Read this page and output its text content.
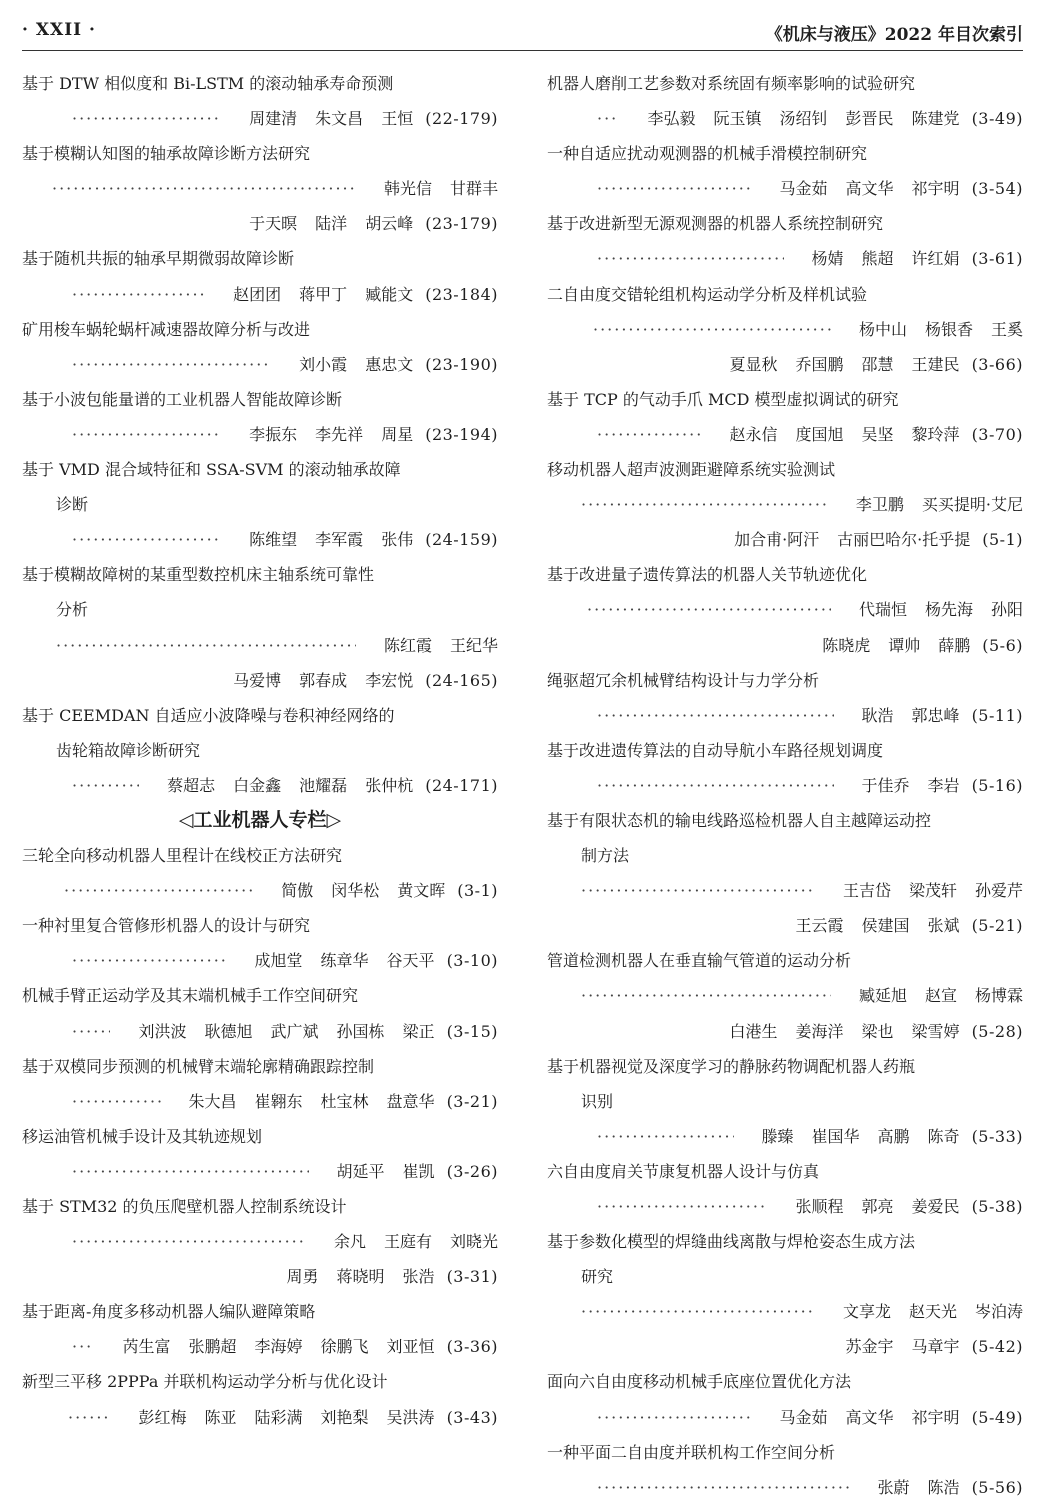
· XXII ·	《机床与液压》2022 年目次索引
基于 DTW 相似度和 Bi-LSTM 的滚动轴承寿命预测
·····
周建清 朱文昌 王恒 (22-179)
基于模糊认知图的轴承故障诊断方法研究
·····
韩光信 甘群丰
于天暝 陆洋 胡云峰 (23-179)
基于随机共振的轴承早期微弱故障诊断
·····
赵团团 蒋甲丁 臧能文 (23-184)
矿用梭车蜗轮蜗杆减速器故障分析与改进
·····
刘小霞 惠忠文 (23-190)
基于小波包能量谱的工业机器人智能故障诊断
·····
李振东 李先祥 周星 (23-194)
基于 VMD 混合域特征和 SSA-SVM 的滚动轴承故障
诊断
·····
陈维望 李军霞 张伟 (24-159)
基于模糊故障树的某重型数控机床主轴系统可靠性
分析
·····
陈红霞 王纪华
马爱博 郭春成 李宏悦 (24-165)
基于 CEEMDAN 自适应小波降噪与卷积神经网络的
齿轮箱故障诊断研究
·····
蔡超志 白金鑫 池耀磊 张仲杭 (24-171)
◁工业机器人专栏▷
三轮全向移动机器人里程计在线校正方法研究
·····
简傲 闵华松 黄文晖 (3-1)
一种衬里复合管修形机器人的设计与研究
·····
成旭堂 练章华 谷天平 (3-10)
机械手臂正运动学及其末端机械手工作空间研究
·····
刘洪波 耿德旭 武广斌 孙国栋 梁正 (3-15)
基于双模同步预测的机械臂末端轮廓精确跟踪控制
·····
朱大昌 崔翱东 杜宝林 盘意华 (3-21)
移运油管机械手设计及其轨迹规划
·····
胡延平 崔凯 (3-26)
基于 STM32 的负压爬壁机器人控制系统设计
·····
余凡 王庭有 刘晓光
周勇 蒋晓明 张浩 (3-31)
基于距离-角度多移动机器人编队避障策略
·····
芮生富 张鹏超 李海婷 徐鹏飞 刘亚恒 (3-36)
新型三平移 2PPPa 并联机构运动学分析与优化设计
·····
彭红梅 陈亚 陆彩满 刘艳梨 吴洪涛 (3-43)
机器人磨削工艺参数对系统固有频率影响的试验研究
·····
李弘毅 阮玉镇 汤绍钊 彭晋民 陈建党 (3-49)
一种自适应扰动观测器的机械手滑模控制研究
·····
马金茹 高文华 祁宇明 (3-54)
基于改进新型无源观测器的机器人系统控制研究
·····
杨婧 熊超 许红娟 (3-61)
二自由度交错轮组机构运动学分析及样机试验
·····
杨中山 杨银香 王奚
夏显秋 乔国鹏 邵慧 王建民 (3-66)
基于 TCP 的气动手爪 MCD 模型虚拟调试的研究
·····
赵永信 度国旭 吴坚 黎玲萍 (3-70)
移动机器人超声波测距避障系统实验测试
·····
李卫鹏 买买提明·艾尼
加合甫·阿汗 古丽巴哈尔·托乎提 (5-1)
基于改进量子遗传算法的机器人关节轨迹优化
·····
代瑞恒 杨先海 孙阳
陈晓虎 谭帅 薛鹏 (5-6)
绳驱超冗余机械臂结构设计与力学分析
·····
耿浩 郭忠峰 (5-11)
基于改进遗传算法的自动导航小车路径规划调度
·····
于佳乔 李岩 (5-16)
基于有限状态机的输电线路巡检机器人自主越障运动控
制方法
·····
王吉岱 梁茂轩 孙爱芹
王云霞 侯建国 张斌 (5-21)
管道检测机器人在垂直输气管道的运动分析
·····
臧延旭 赵宣 杨博霖
白港生 姜海洋 梁也 梁雪婷 (5-28)
基于机器视觉及深度学习的静脉药物调配机器人药瓶
识别
·····
滕臻 崔国华 高鹏 陈奇 (5-33)
六自由度肩关节康复机器人设计与仿真
·····
张顺程 郭亮 姜爱民 (5-38)
基于参数化模型的焊缝曲线离散与焊枪姿态生成方法
研究
·····
文享龙 赵天光 岑泊涛
苏金宇 马章宇 (5-42)
面向六自由度移动机械手底座位置优化方法
·····
马金茹 高文华 祁宇明 (5-49)
一种平面二自由度并联机构工作空间分析
·····
张蔚 陈浩 (5-56)
